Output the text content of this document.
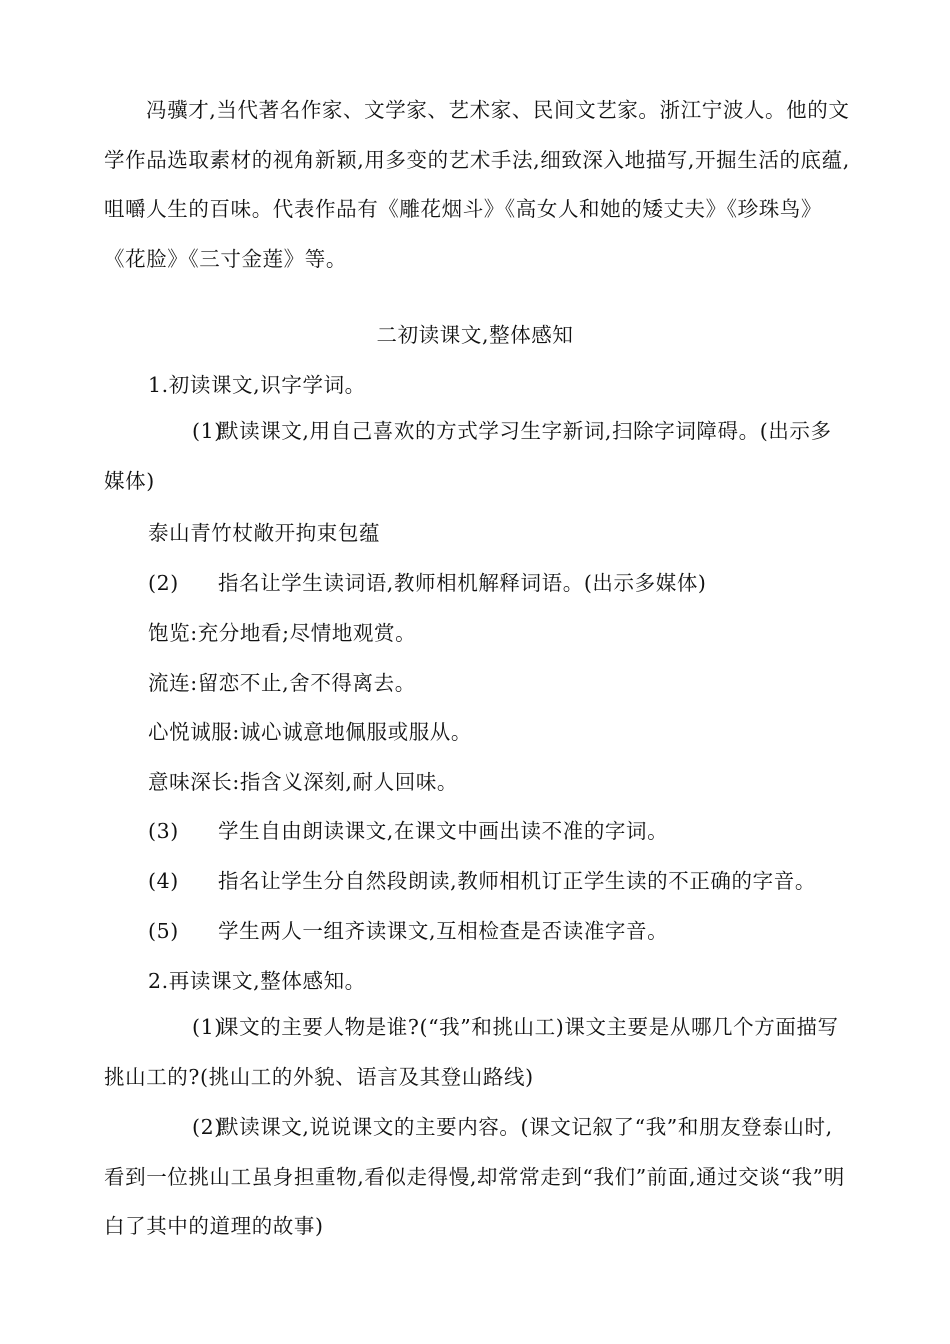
冯骥才,当代著名作家、文学家、艺术家、民间文艺家。浙江宁波人。他的文学作品选取素材的视角新颖,用多变的艺术手法,细致深入地描写,开掘生活的底蕴,咀嚼人生的百味。代表作品有《雕花烟斗》《高女人和她的矮丈夫》《珍珠鸟》《花脸》《三寸金莲》等。

二初读课文,整体感知

1.初读课文,识字学词。

(1)默读课文,用自己喜欢的方式学习生字新词,扫除字词障碍。(出示多媒体)

泰山青竹杖敞开拘束包蕴

(2) 指名让学生读词语,教师相机解释词语。(出示多媒体)

饱览:充分地看;尽情地观赏。

流连:留恋不止,舍不得离去。

心悦诚服:诚心诚意地佩服或服从。

意味深长:指含义深刻,耐人回味。

(3) 学生自由朗读课文,在课文中画出读不准的字词。

(4) 指名让学生分自然段朗读,教师相机订正学生读的不正确的字音。

(5) 学生两人一组齐读课文,互相检查是否读准字音。

2.再读课文,整体感知。

(1)课文的主要人物是谁?(“我”和挑山工)课文主要是从哪几个方面描写挑山工的?(挑山工的外貌、语言及其登山路线)

(2)默读课文,说说课文的主要内容。(课文记叙了“我”和朋友登泰山时,看到一位挑山工虽身担重物,看似走得慢,却常常走到“我们”前面,通过交谈“我”明白了其中的道理的故事)
